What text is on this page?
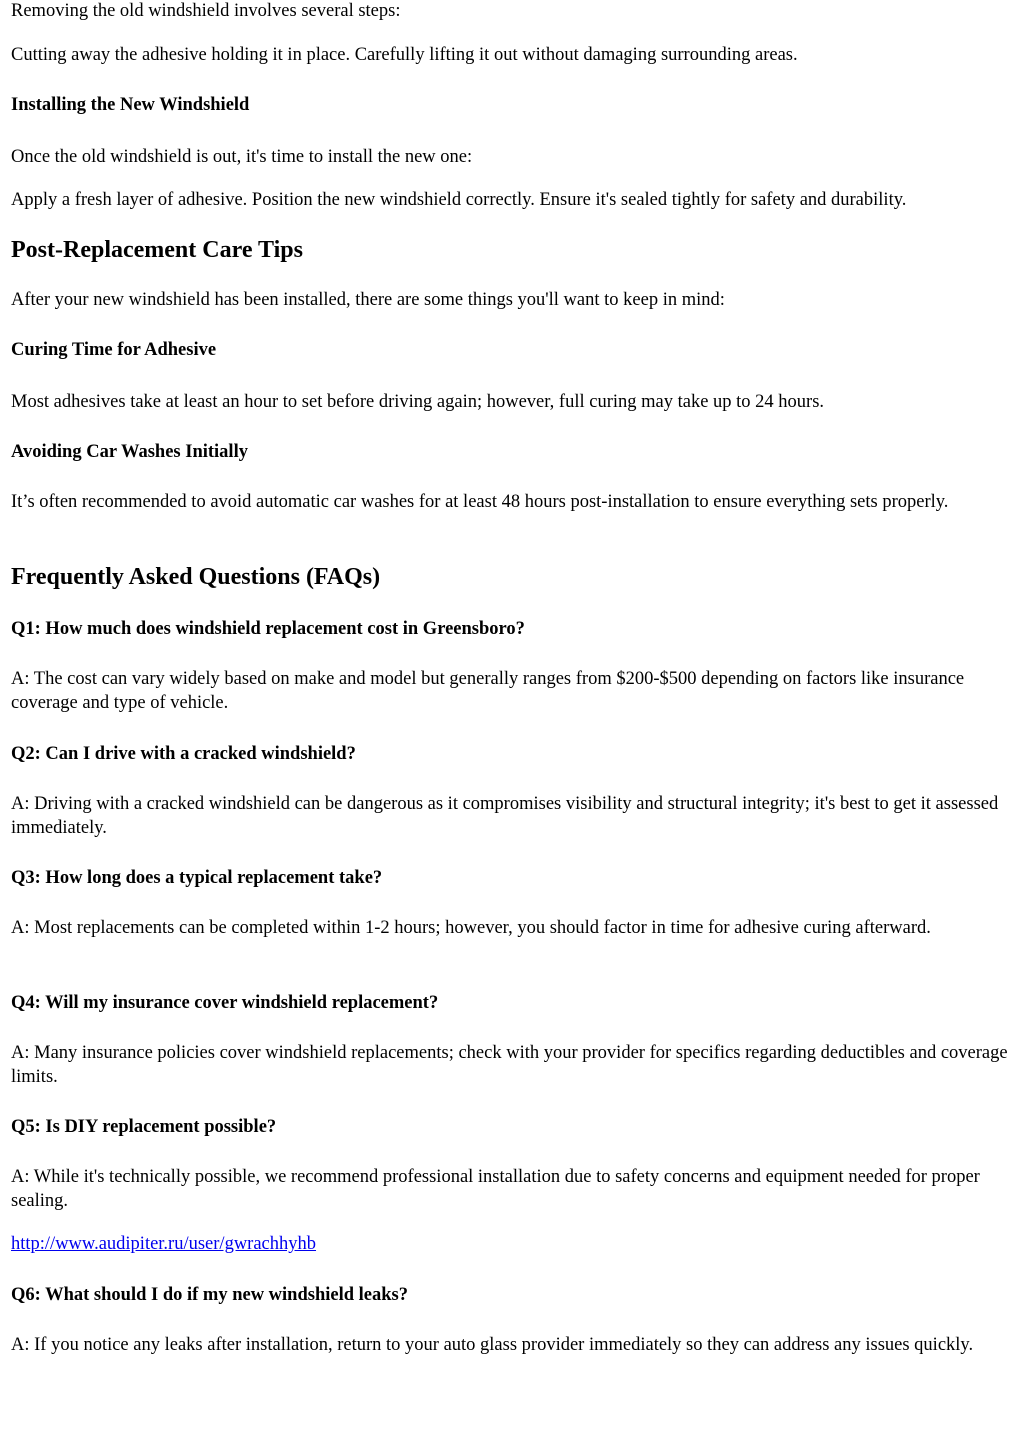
Removing the old windshield involves several steps:

Cutting away the adhesive holding it in place. Carefully lifting it out without damaging surrounding areas.

Installing the New Windshield

Once the old windshield is out, it's time to install the new one:

Apply a fresh layer of adhesive. Position the new windshield correctly. Ensure it's sealed tightly for safety and durability.

Post-Replacement Care Tips

After your new windshield has been installed, there are some things you'll want to keep in mind:

Curing Time for Adhesive

Most adhesives take at least an hour to set before driving again; however, full curing may take up to 24 hours.

Avoiding Car Washes Initially

It’s often recommended to avoid automatic car washes for at least 48 hours post-installation to ensure everything sets properly.

Frequently Asked Questions (FAQs)
Q1: How much does windshield replacement cost in Greensboro?

A: The cost can vary widely based on make and model but generally ranges from $200-$500 depending on factors like insurance coverage and type of vehicle.

Q2: Can I drive with a cracked windshield?

A: Driving with a cracked windshield can be dangerous as it compromises visibility and structural integrity; it's best to get it assessed immediately.

Q3: How long does a typical replacement take?

A: Most replacements can be completed within 1-2 hours; however, you should factor in time for adhesive curing afterward.

Q4: Will my insurance cover windshield replacement?

A: Many insurance policies cover windshield replacements; check with your provider for specifics regarding deductibles and coverage limits.

Q5: Is DIY replacement possible?

A: While it's technically possible, we recommend professional installation due to safety concerns and equipment needed for proper sealing.

http://www.audipiter.ru/user/gwrachhyhb
Q6: What should I do if my new windshield leaks?

A: If you notice any leaks after installation, return to your auto glass provider immediately so they can address any issues quickly.
